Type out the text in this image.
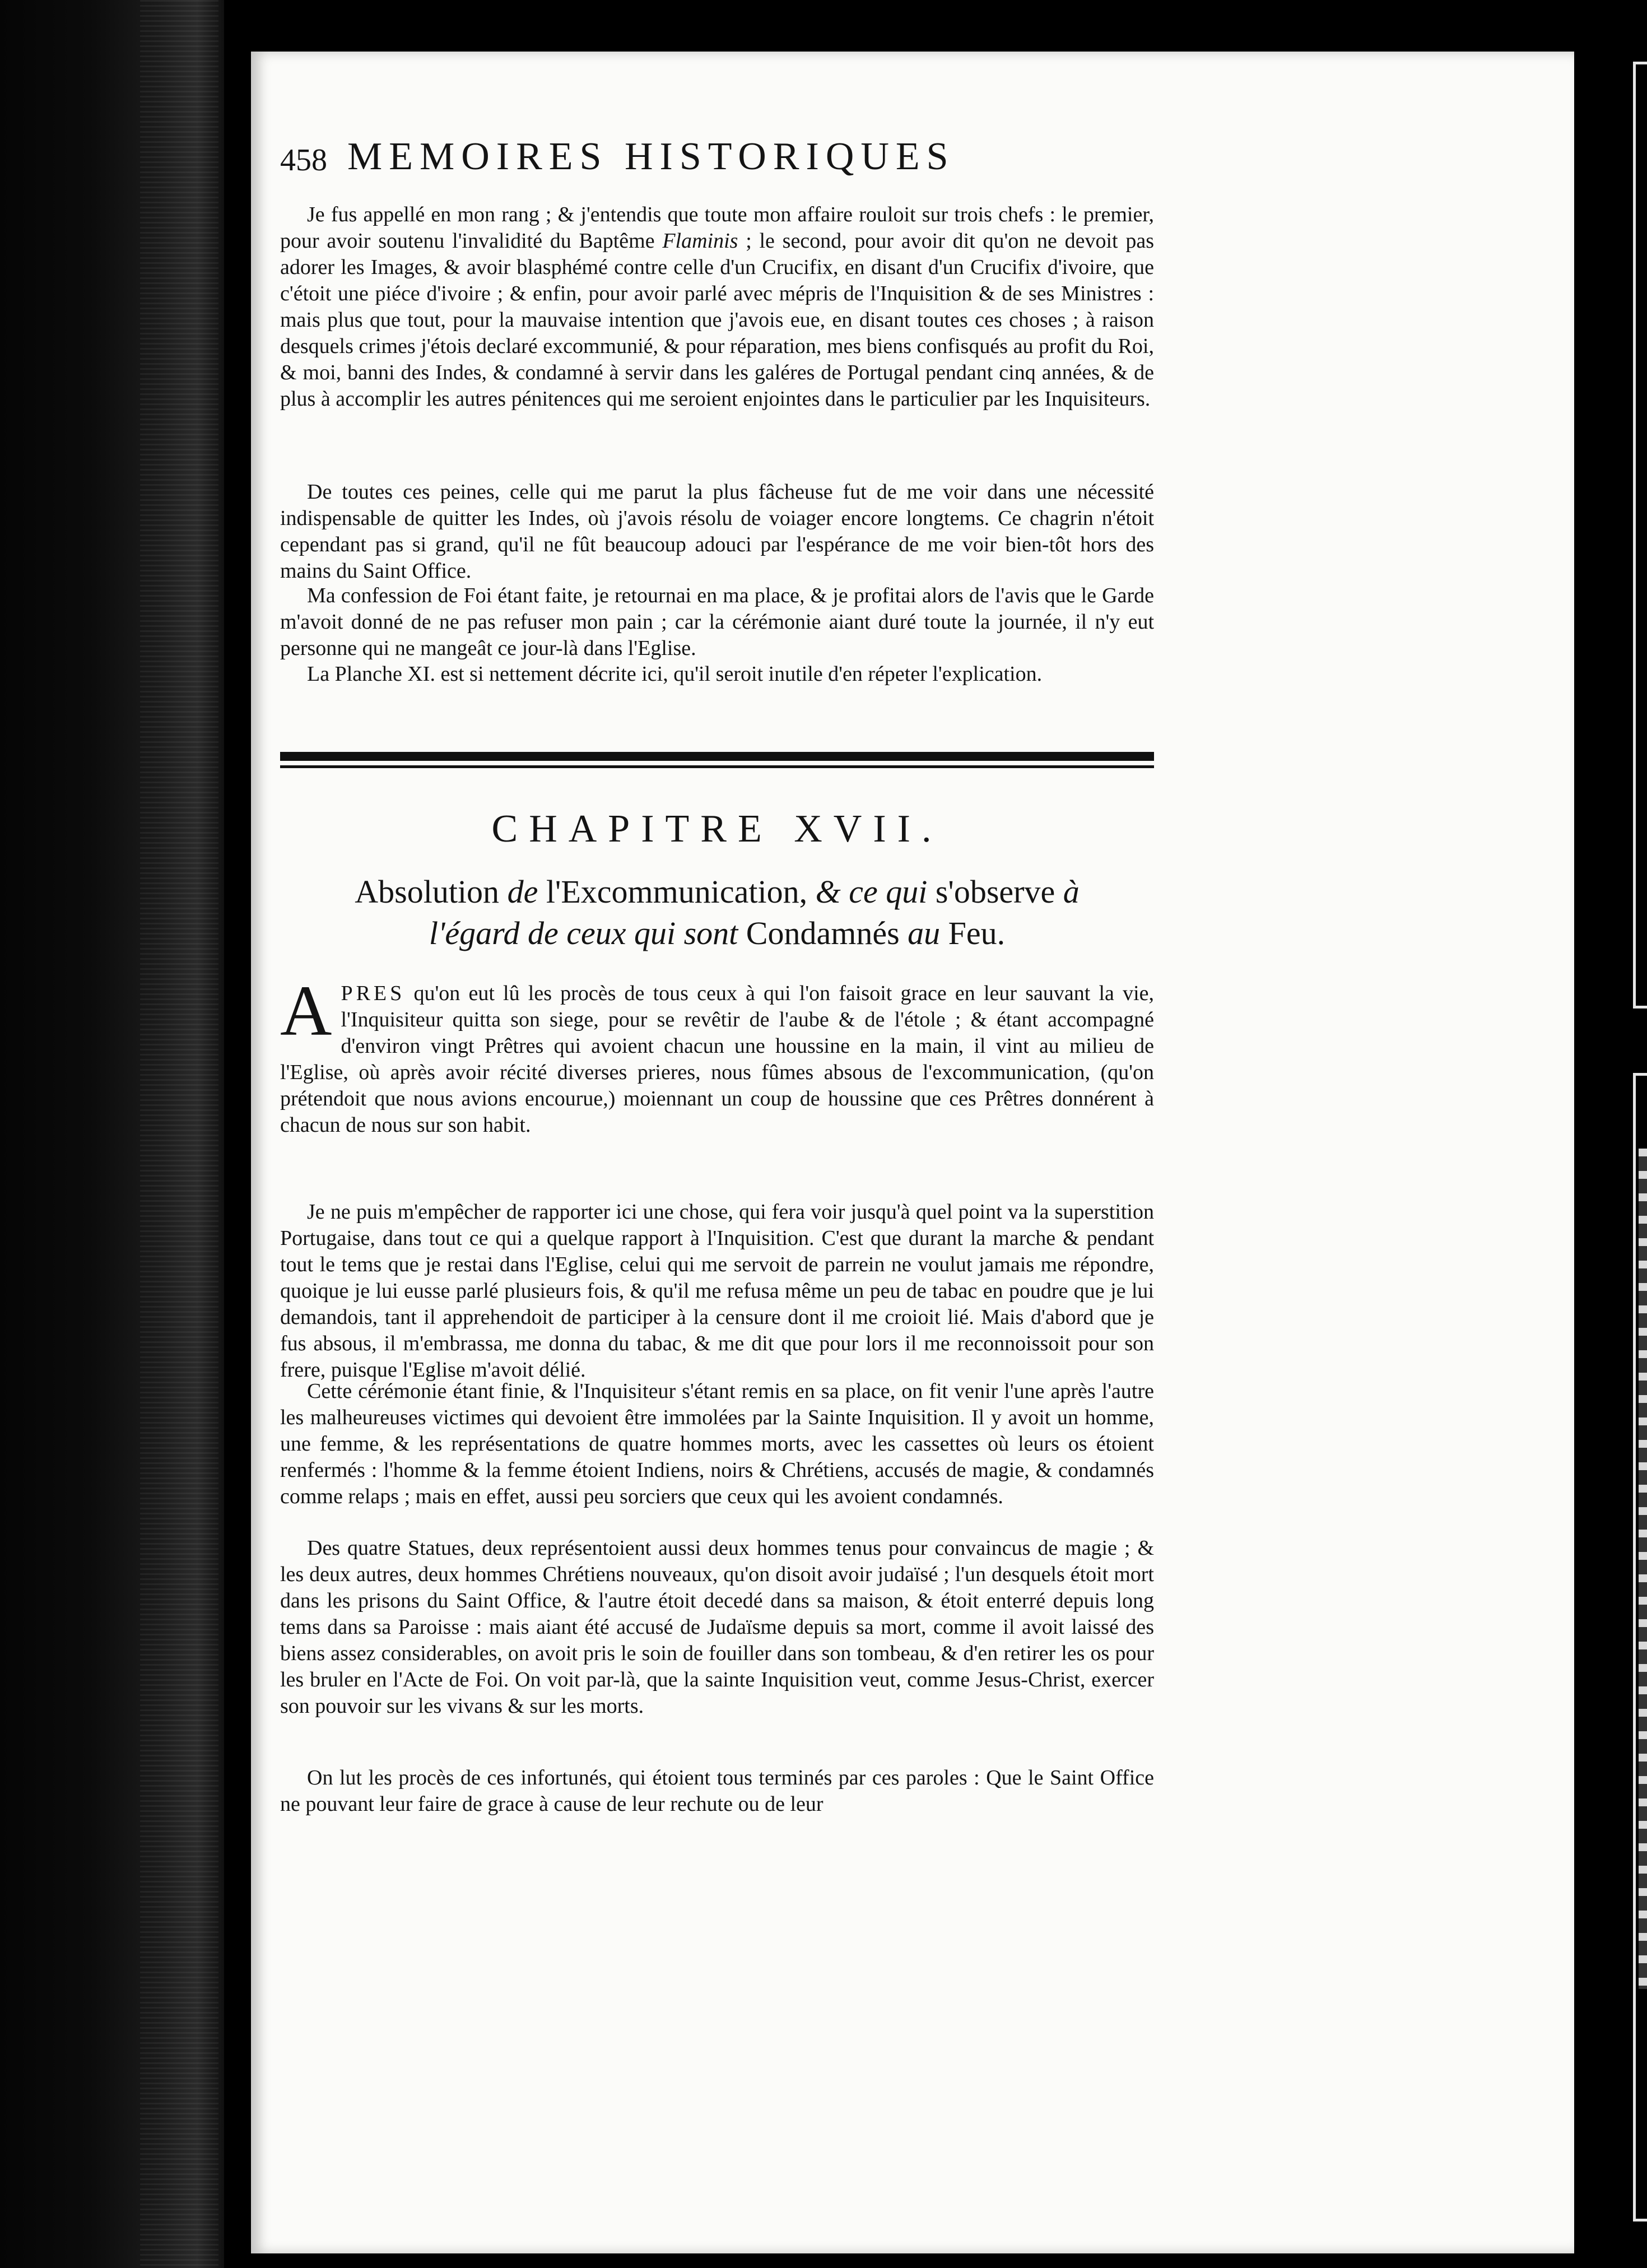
458 MEMOIRES HISTORIQUES

Je fus appellé en mon rang ; & j'entendis que toute mon affaire rouloit sur trois chefs : le premier, pour avoir soutenu l'invalidité du Baptême Flaminis ; le second, pour avoir dit qu'on ne devoit pas adorer les Images, & avoir blasphémé contre celle d'un Crucifix, en disant d'un Crucifix d'ivoire, que c'étoit une piéce d'ivoire ; & enfin, pour avoir parlé avec mépris de l'Inquisition & de ses Ministres : mais plus que tout, pour la mauvaise intention que j'avois eue, en disant toutes ces choses ; à raison desquels crimes j'étois declaré excommunié, & pour réparation, mes biens confisqués au profit du Roi, & moi, banni des Indes, & condamné à servir dans les galéres de Portugal pendant cinq années, & de plus à accomplir les autres pénitences qui me seroient enjointes dans le particulier par les Inquisiteurs.

De toutes ces peines, celle qui me parut la plus fâcheuse fut de me voir dans une nécessité indispensable de quitter les Indes, où j'avois résolu de voiager encore longtems. Ce chagrin n'étoit cependant pas si grand, qu'il ne fût beaucoup adouci par l'espérance de me voir bien-tôt hors des mains du Saint Office.

Ma confession de Foi étant faite, je retournai en ma place, & je profitai alors de l'avis que le Garde m'avoit donné de ne pas refuser mon pain ; car la cérémonie aiant duré toute la journée, il n'y eut personne qui ne mangeât ce jour-là dans l'Eglise.

La Planche XI. est si nettement décrite ici, qu'il seroit inutile d'en répeter l'explication.

CHAPITRE XVII.

Absolution de l'Excommunication, & ce qui s'observe à

l'égard de ceux qui sont Condamnés au Feu.

APRES qu'on eut lû les procès de tous ceux à qui l'on faisoit grace en leur sauvant la vie, l'Inquisiteur quitta son siege, pour se revêtir de l'aube & de l'étole ; & étant accompagné d'environ vingt Prêtres qui avoient chacun une houssine en la main, il vint au milieu de l'Eglise, où après avoir récité diverses prieres, nous fûmes absous de l'excommunication, (qu'on prétendoit que nous avions encourue,) moiennant un coup de houssine que ces Prêtres donnérent à chacun de nous sur son habit.

Je ne puis m'empêcher de rapporter ici une chose, qui fera voir jusqu'à quel point va la superstition Portugaise, dans tout ce qui a quelque rapport à l'Inquisition. C'est que durant la marche & pendant tout le tems que je restai dans l'Eglise, celui qui me servoit de parrein ne voulut jamais me répondre, quoique je lui eusse parlé plusieurs fois, & qu'il me refusa même un peu de tabac en poudre que je lui demandois, tant il apprehendoit de participer à la censure dont il me croioit lié. Mais d'abord que je fus absous, il m'embrassa, me donna du tabac, & me dit que pour lors il me reconnoissoit pour son frere, puisque l'Eglise m'avoit délié.

Cette cérémonie étant finie, & l'Inquisiteur s'étant remis en sa place, on fit venir l'une après l'autre les malheureuses victimes qui devoient être immolées par la Sainte Inquisition. Il y avoit un homme, une femme, & les représentations de quatre hommes morts, avec les cassettes où leurs os étoient renfermés : l'homme & la femme étoient Indiens, noirs & Chrétiens, accusés de magie, & condamnés comme relaps ; mais en effet, aussi peu sorciers que ceux qui les avoient condamnés.

Des quatre Statues, deux représentoient aussi deux hommes tenus pour convaincus de magie ; & les deux autres, deux hommes Chrétiens nouveaux, qu'on disoit avoir judaïsé ; l'un desquels étoit mort dans les prisons du Saint Office, & l'autre étoit decedé dans sa maison, & étoit enterré depuis long tems dans sa Paroisse : mais aiant été accusé de Judaïsme depuis sa mort, comme il avoit laissé des biens assez considerables, on avoit pris le soin de fouiller dans son tombeau, & d'en retirer les os pour les bruler en l'Acte de Foi. On voit par-là, que la sainte Inquisition veut, comme Jesus-Christ, exercer son pouvoir sur les vivans & sur les morts.

On lut les procès de ces infortunés, qui étoient tous terminés par ces paroles : Que le Saint Office ne pouvant leur faire de grace à cause de leur rechute ou de leur
